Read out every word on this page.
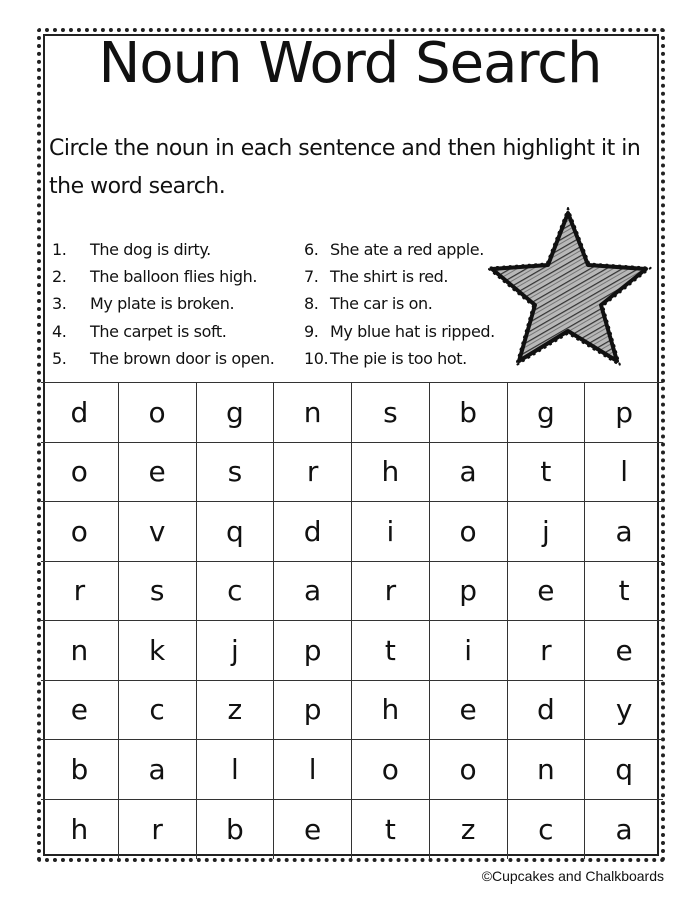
Noun Word Search
Circle the noun in each sentence and then highlight it in the word search.
1.	The dog is dirty.
2.	The balloon flies high.
3.	My plate is broken.
4.	The carpet is soft.
5.	The brown door is open.
6. She ate a red apple.
7. The shirt is red.
8. The car is on.
9. My blue hat is ripped.
10. The pie is too hot.
d	o	g	n	s	b	g	p
o	e	s	r	h	a	t	l
o	v	q	d	i	o	j	a
r	s	c	a	r	p	e	t
n	k	j	p	t	i	r	e
e	c	z	p	h	e	d	y
b	a	l	l	o	o	n	q
h	r	b	e	t	z	c	a
©Cupcakes and Chalkboards
